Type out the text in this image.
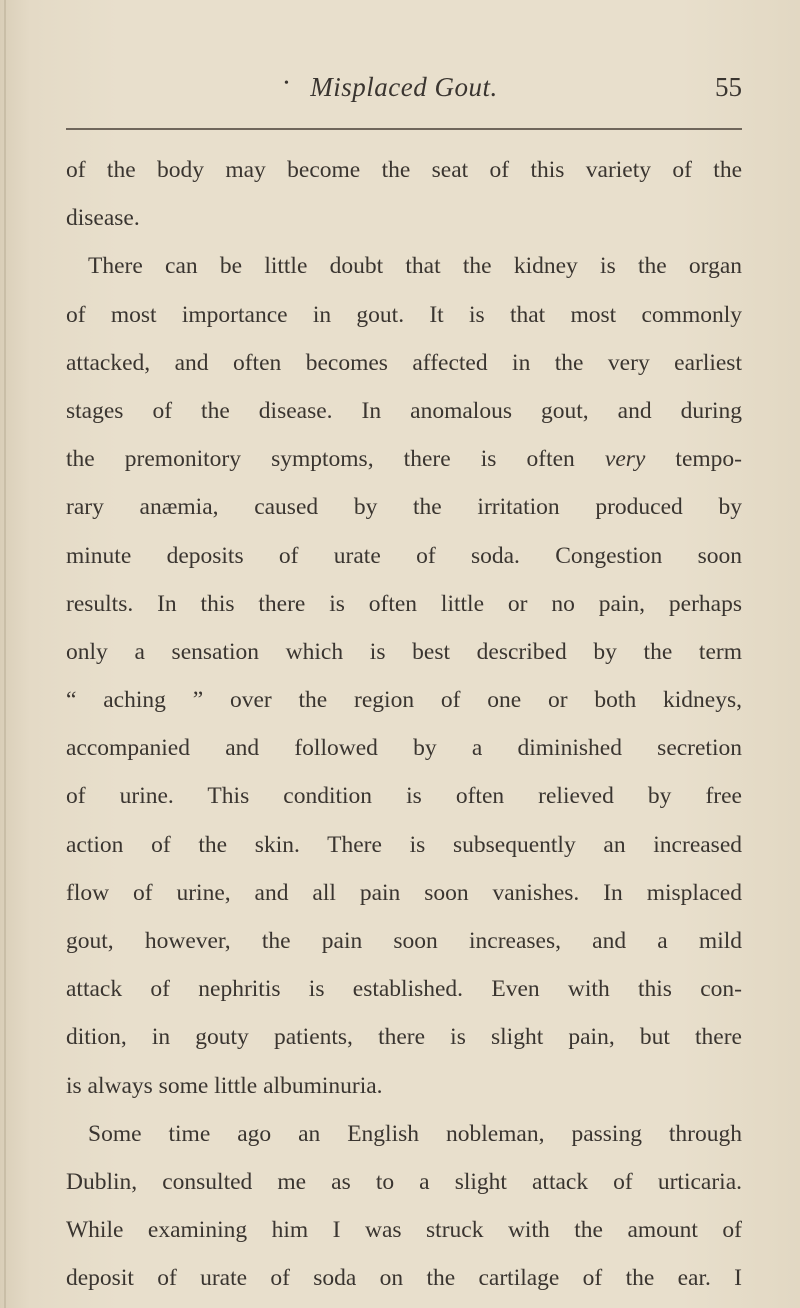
• Misplaced Gout.	55
of the body may become the seat of this variety of the
disease.
There can be little doubt that the kidney is the organ
of most importance in gout. It is that most commonly
attacked, and often becomes affected in the very earliest
stages of the disease. In anomalous gout, and during
the premonitory symptoms, there is often very tempo-
rary anæmia, caused by the irritation produced by
minute deposits of urate of soda. Congestion soon
results. In this there is often little or no pain, perhaps
only a sensation which is best described by the term
“ aching ” over the region of one or both kidneys,
accompanied and followed by a diminished secretion
of urine. This condition is often relieved by free
action of the skin. There is subsequently an increased
flow of urine, and all pain soon vanishes. In misplaced
gout, however, the pain soon increases, and a mild
attack of nephritis is established. Even with this con-
dition, in gouty patients, there is slight pain, but there
is always some little albuminuria.
Some time ago an English nobleman, passing through
Dublin, consulted me as to a slight attack of urticaria.
While examining him I was struck with the amount of
deposit of urate of soda on the cartilage of the ear. I
